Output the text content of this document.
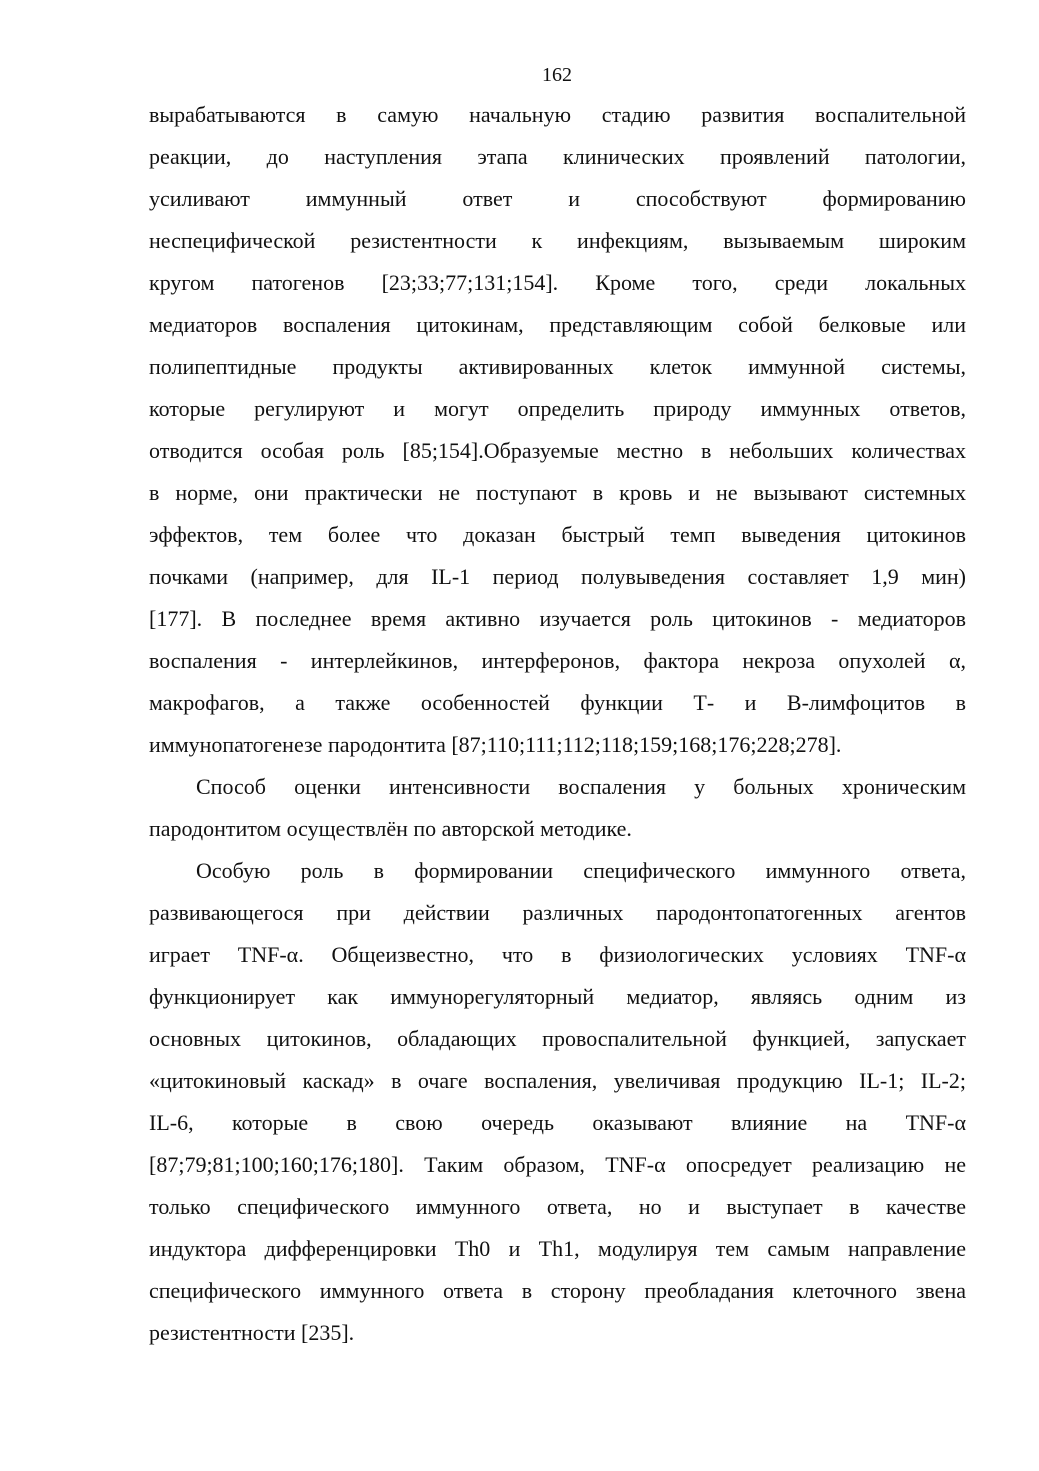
162
вырабатываются в самую начальную стадию развития воспалительной
реакции, до наступления этапа клинических проявлений патологии,
усиливают иммунный ответ и способствуют формированию
неспецифической резистентности к инфекциям, вызываемым широким
кругом патогенов [23;33;77;131;154]. Кроме того, среди локальных
медиаторов воспаления цитокинам, представляющим собой белковые или
полипептидные продукты активированных клеток иммунной системы,
которые регулируют и могут определить природу иммунных ответов,
отводится особая роль [85;154].Образуемые местно в небольших количествах
в норме, они практически не поступают в кровь и не вызывают системных
эффектов, тем более что доказан быстрый темп выведения цитокинов
почками (например, для IL-1 период полувыведения составляет 1,9 мин)
[177]. В последнее время активно изучается роль цитокинов - медиаторов
воспаления - интерлейкинов, интерферонов, фактора некроза опухолей α,
макрофагов, а также особенностей функции Т- и В-лимфоцитов в
иммунопатогенезе пародонтита [87;110;111;112;118;159;168;176;228;278].
Способ оценки интенсивности воспаления у больных хроническим
пародонтитом осуществлён по авторской методике.
Особую роль в формировании специфического иммунного ответа,
развивающегося при действии различных пародонтопатогенных агентов
играет TNF-α. Общеизвестно, что в физиологических условиях TNF-α
функционирует как иммунорегуляторный медиатор, являясь одним из
основных цитокинов, обладающих провоспалительной функцией, запускает
«цитокиновый каскад» в очаге воспаления, увеличивая продукцию IL-1; IL-2;
IL-6, которые в свою очередь оказывают влияние на TNF-α
[87;79;81;100;160;176;180]. Таким образом, TNF-α опосредует реализацию не
только специфического иммунного ответа, но и выступает в качестве
индуктора дифференцировки Th0 и Th1, модулируя тем самым направление
специфического иммунного ответа в сторону преобладания клеточного звена
резистентности [235].
